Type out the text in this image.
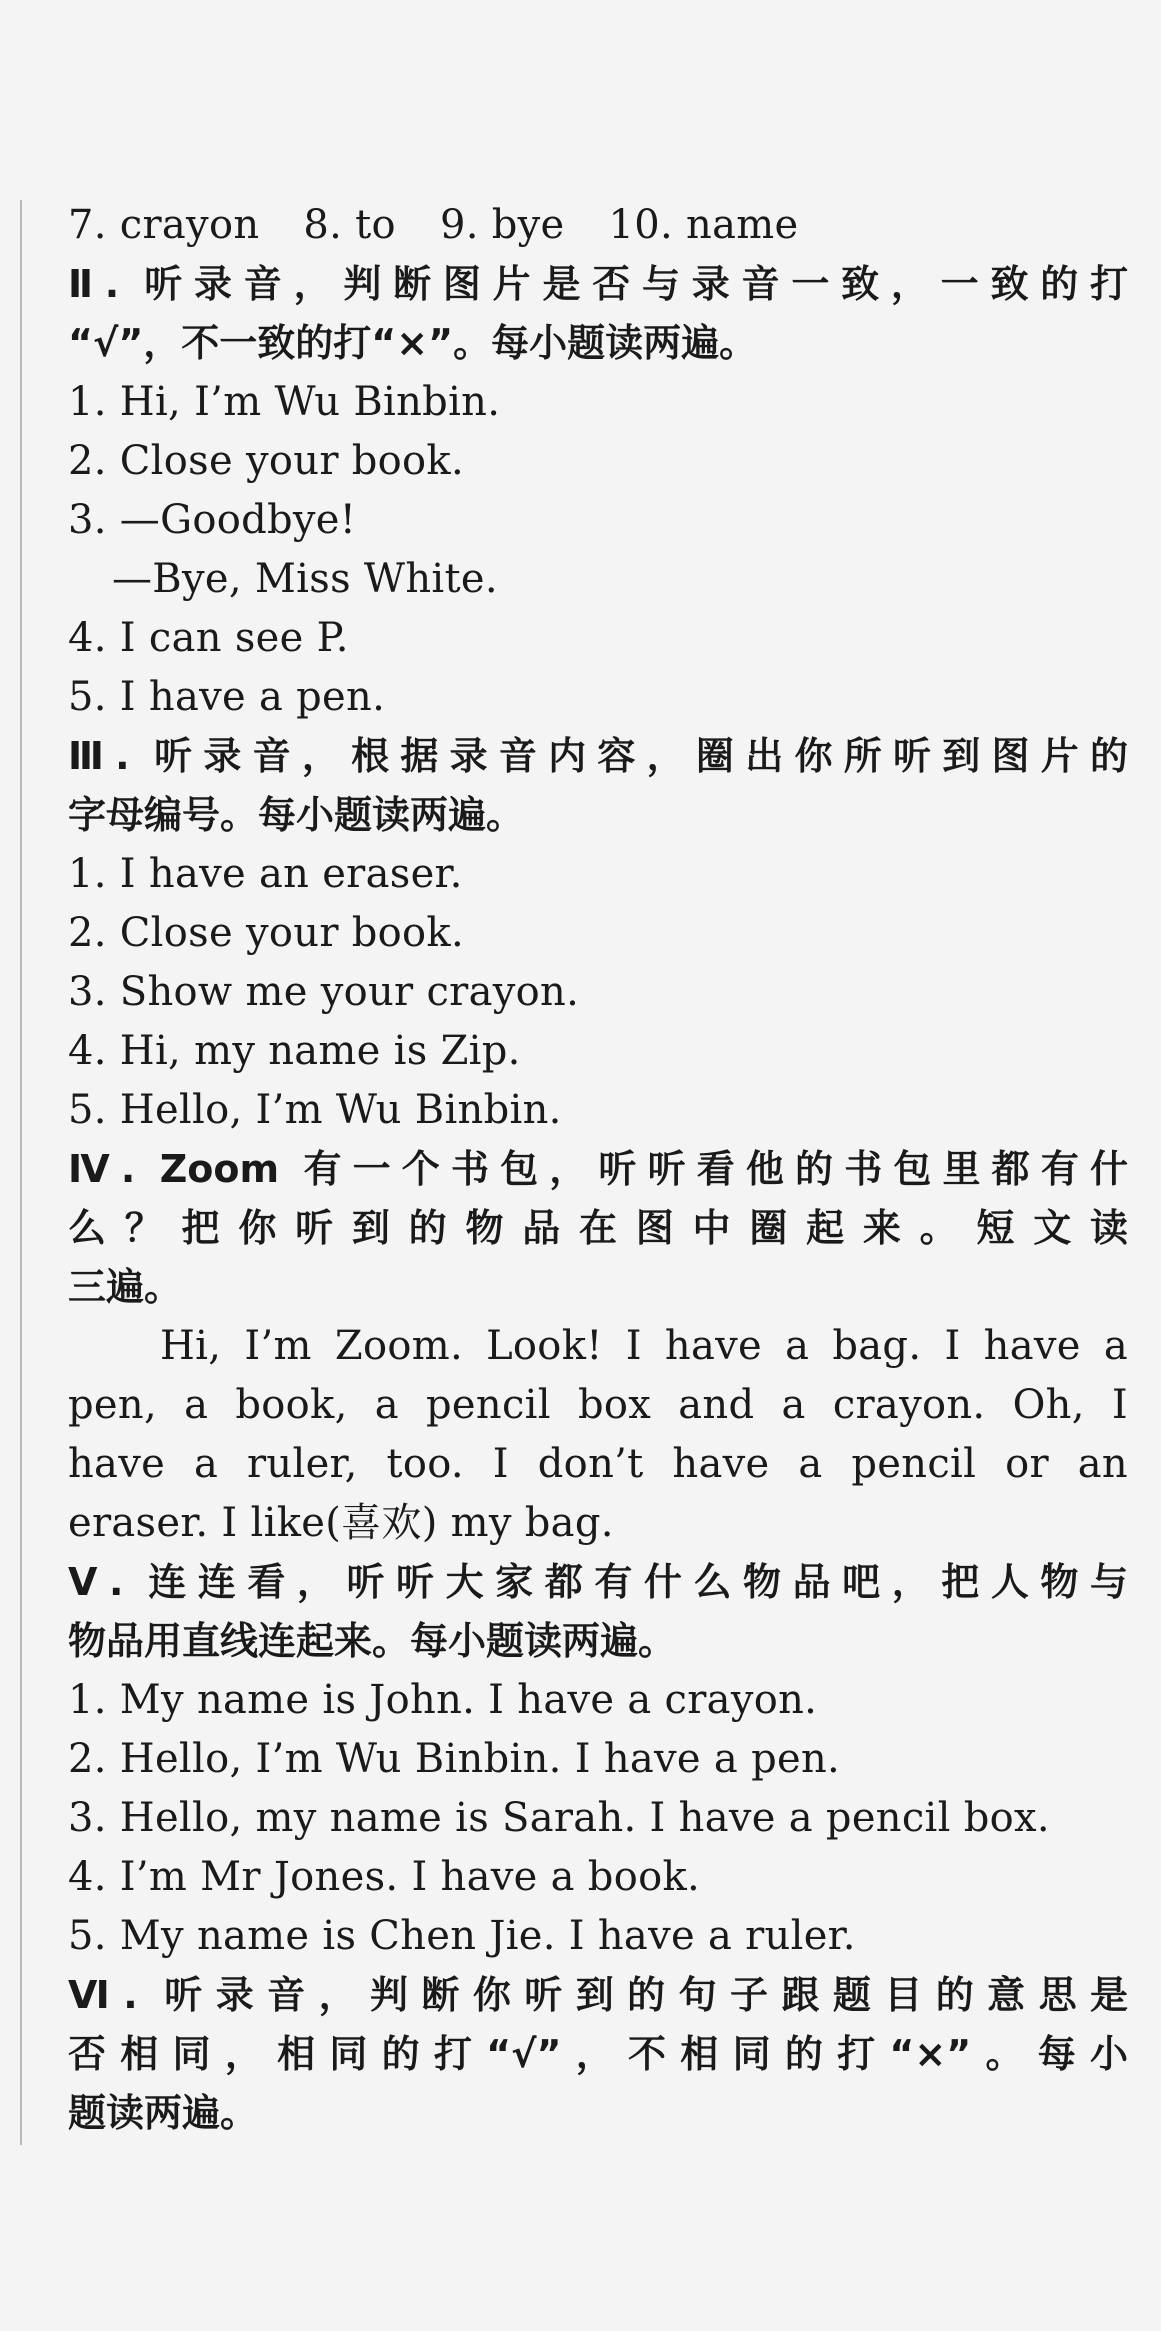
7. crayon 8. to 9. bye 10. name
Ⅱ. 听录音，判断图片是否与录音一致，一致的打
“√”，不一致的打“×”。每小题读两遍。
1. Hi, I’m Wu Binbin.
2. Close your book.
3. —Goodbye!
—Bye, Miss White.
4. I can see P.
5. I have a pen.
Ⅲ. 听录音，根据录音内容，圈出你所听到图片的
字母编号。每小题读两遍。
1. I have an eraser.
2. Close your book.
3. Show me your crayon.
4. Hi, my name is Zip.
5. Hello, I’m Wu Binbin.
Ⅳ. Zoom 有一个书包，听听看他的书包里都有什
么？把你听到的物品在图中圈起来。短文读
三遍。
Hi, I’m Zoom. Look! I have a bag. I have a
pen, a book, a pencil box and a crayon. Oh, I
have a ruler, too. I don’t have a pencil or an
eraser. I like(喜欢) my bag.
Ⅴ. 连连看，听听大家都有什么物品吧，把人物与
物品用直线连起来。每小题读两遍。
1. My name is John. I have a crayon.
2. Hello, I’m Wu Binbin. I have a pen.
3. Hello, my name is Sarah. I have a pencil box.
4. I’m Mr Jones. I have a book.
5. My name is Chen Jie. I have a ruler.
Ⅵ. 听录音，判断你听到的句子跟题目的意思是
否相同，相同的打“√”，不相同的打“×”。每小
题读两遍。
